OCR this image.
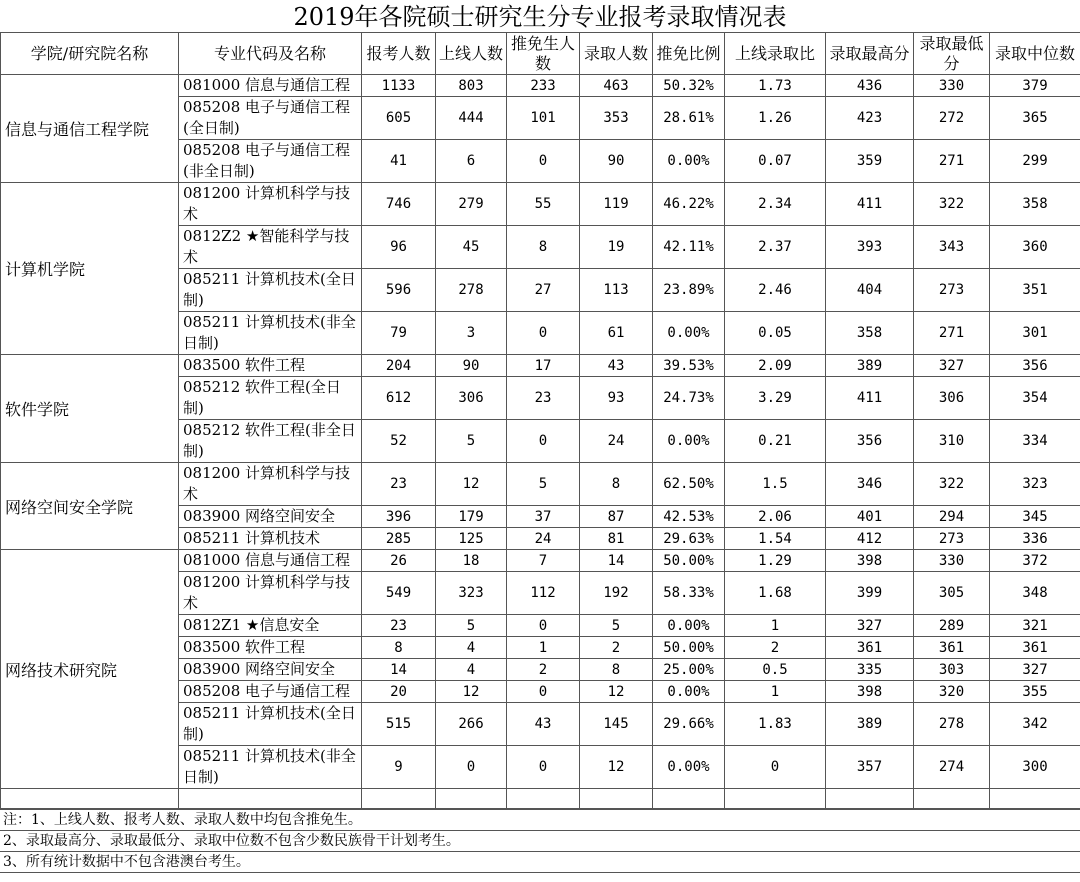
2019年各院硕士研究生分专业报考录取情况表
学院/研究院名称	专业代码及名称	报考人数	上线人数	推免生人数	录取人数	推免比例	上线录取比	录取最高分	录取最低分	录取中位数
信息与通信工程学院	081000 信息与通信工程	1133	803	233	463	50.32%	1.73	436	330	379
	085208 电子与通信工程(全日制)	605	444	101	353	28.61%	1.26	423	272	365
	085208 电子与通信工程(非全日制)	41	6	0	90	0.00%	0.07	359	271	299
计算机学院	081200 计算机科学与技术	746	279	55	119	46.22%	2.34	411	322	358
	0812Z2 ★智能科学与技术	96	45	8	19	42.11%	2.37	393	343	360
	085211 计算机技术(全日制)	596	278	27	113	23.89%	2.46	404	273	351
	085211 计算机技术(非全日制)	79	3	0	61	0.00%	0.05	358	271	301
软件学院	083500 软件工程	204	90	17	43	39.53%	2.09	389	327	356
	085212 软件工程(全日制)	612	306	23	93	24.73%	3.29	411	306	354
	085212 软件工程(非全日制)	52	5	0	24	0.00%	0.21	356	310	334
网络空间安全学院	081200 计算机科学与技术	23	12	5	8	62.50%	1.5	346	322	323
	083900 网络空间安全	396	179	37	87	42.53%	2.06	401	294	345
	085211 计算机技术	285	125	24	81	29.63%	1.54	412	273	336
网络技术研究院	081000 信息与通信工程	26	18	7	14	50.00%	1.29	398	330	372
	081200 计算机科学与技术	549	323	112	192	58.33%	1.68	399	305	348
	0812Z1 ★信息安全	23	5	0	5	0.00%	1	327	289	321
	083500 软件工程	8	4	1	2	50.00%	2	361	361	361
	083900 网络空间安全	14	4	2	8	25.00%	0.5	335	303	327
	085208 电子与通信工程	20	12	0	12	0.00%	1	398	320	355
	085211 计算机技术(全日制)	515	266	43	145	29.66%	1.83	389	278	342
	085211 计算机技术(非全日制)	9	0	0	12	0.00%	0	357	274	300

注：1、上线人数、报考人数、录取人数中均包含推免生。
2、录取最高分、录取最低分、录取中位数不包含少数民族骨干计划考生。
3、所有统计数据中不包含港澳台考生。
